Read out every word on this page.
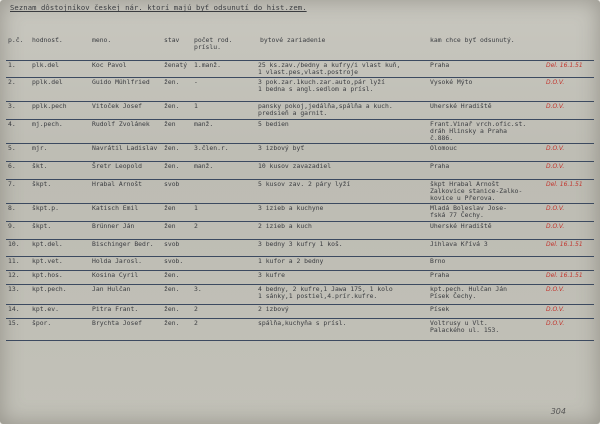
Seznam dôstojníkov českej nár. ktorí majú byť odsunutí do hist.zem.
p.č.	hodnosť.	meno.	stav	počet rod.
príslu.	bytové zariadenie	kam chce byť odsunutý.	
1.	plk.del	Koc Pavol	ženatý	1.manž.	25 ks.zav./bedny a kufry/i vlast kuň,
1 vlast.pes,vlast.postroje	Praha	Del. 16.1.51
2.	pplk.del	Guido Mühlfried	žen.	-	3 pok.zar.1kuch.zar.auto,pár lyží
1 bedna s angl.sedlom a prísl.	Vysoké Mýto	D.O.V.
3.	pplk.pech	Vitoček Josef	žen.	1	pansky pokoj,jedálňa,spálňa a kuch.
predsieň a garnit.	Uherské Hradiště	D.O.V.
4.	mj.pech.	Rudolf Zvolánek	žen	manž.	5 bedien	Frant.Vinař vrch.ofic.st.
dráh Hlinsky a Praha
č.886.	
5.	mjr.	Navrátil Ladislav	žen.	3.člen.r.	3 izbový byť	Olomouc	D.O.V.
6.	škt.	Šretr Leopold	žen.	manž.	10 kusov zavazadiel	Praha	D.O.V.
7.	škpt.	Hrabal Arnošt	svob		5 kusov zav. 2 páry lyží	škpt Hrabal Arnošt
Zalkovice stanice-Zalko-
kovice u Přerova.	Del. 16.1.51
8.	škpt.p.	Katisch Emil	žen	1	3 izieb a kuchyne	Mladá Boleslav Jose-
fská 77 Čechy.	D.O.V.
9.	škpt.	Brünner Ján	žen	2	2 izieb a kuch	Uherské Hradiště	D.O.V.
10.	kpt.del.	Bischinger Bedr.	svob		3 bedny 3 kufry 1 koš.	Jihlava Křívá 3	Del. 16.1.51
11.	kpt.vet.	Holda Jarosl.	svob.		1 kufor a 2 bedny	Brno	
12.	kpt.hos.	Kosina Cyril	žen.		3 kufre	Praha	Del. 16.1.51
13.	kpt.pech.	Jan Hulčan	žen.	3.	4 bedny, 2 kufre,1 Jawa 175, 1 kolo
1 sánky,1 postiel,4.prír.kufre.	kpt.pech. Hulčan Ján
Písek Čechy.	D.O.V.
14.	kpt.ev.	Pitra Frant.	žen.	2	2 izbový	Písek	D.O.V.
15.	špor.	Brychta Josef	žen.	2	spálňa,kuchyňa s prísl.	Voltrusy u Vlt.
Palackého ul. 153.	D.O.V.
304
